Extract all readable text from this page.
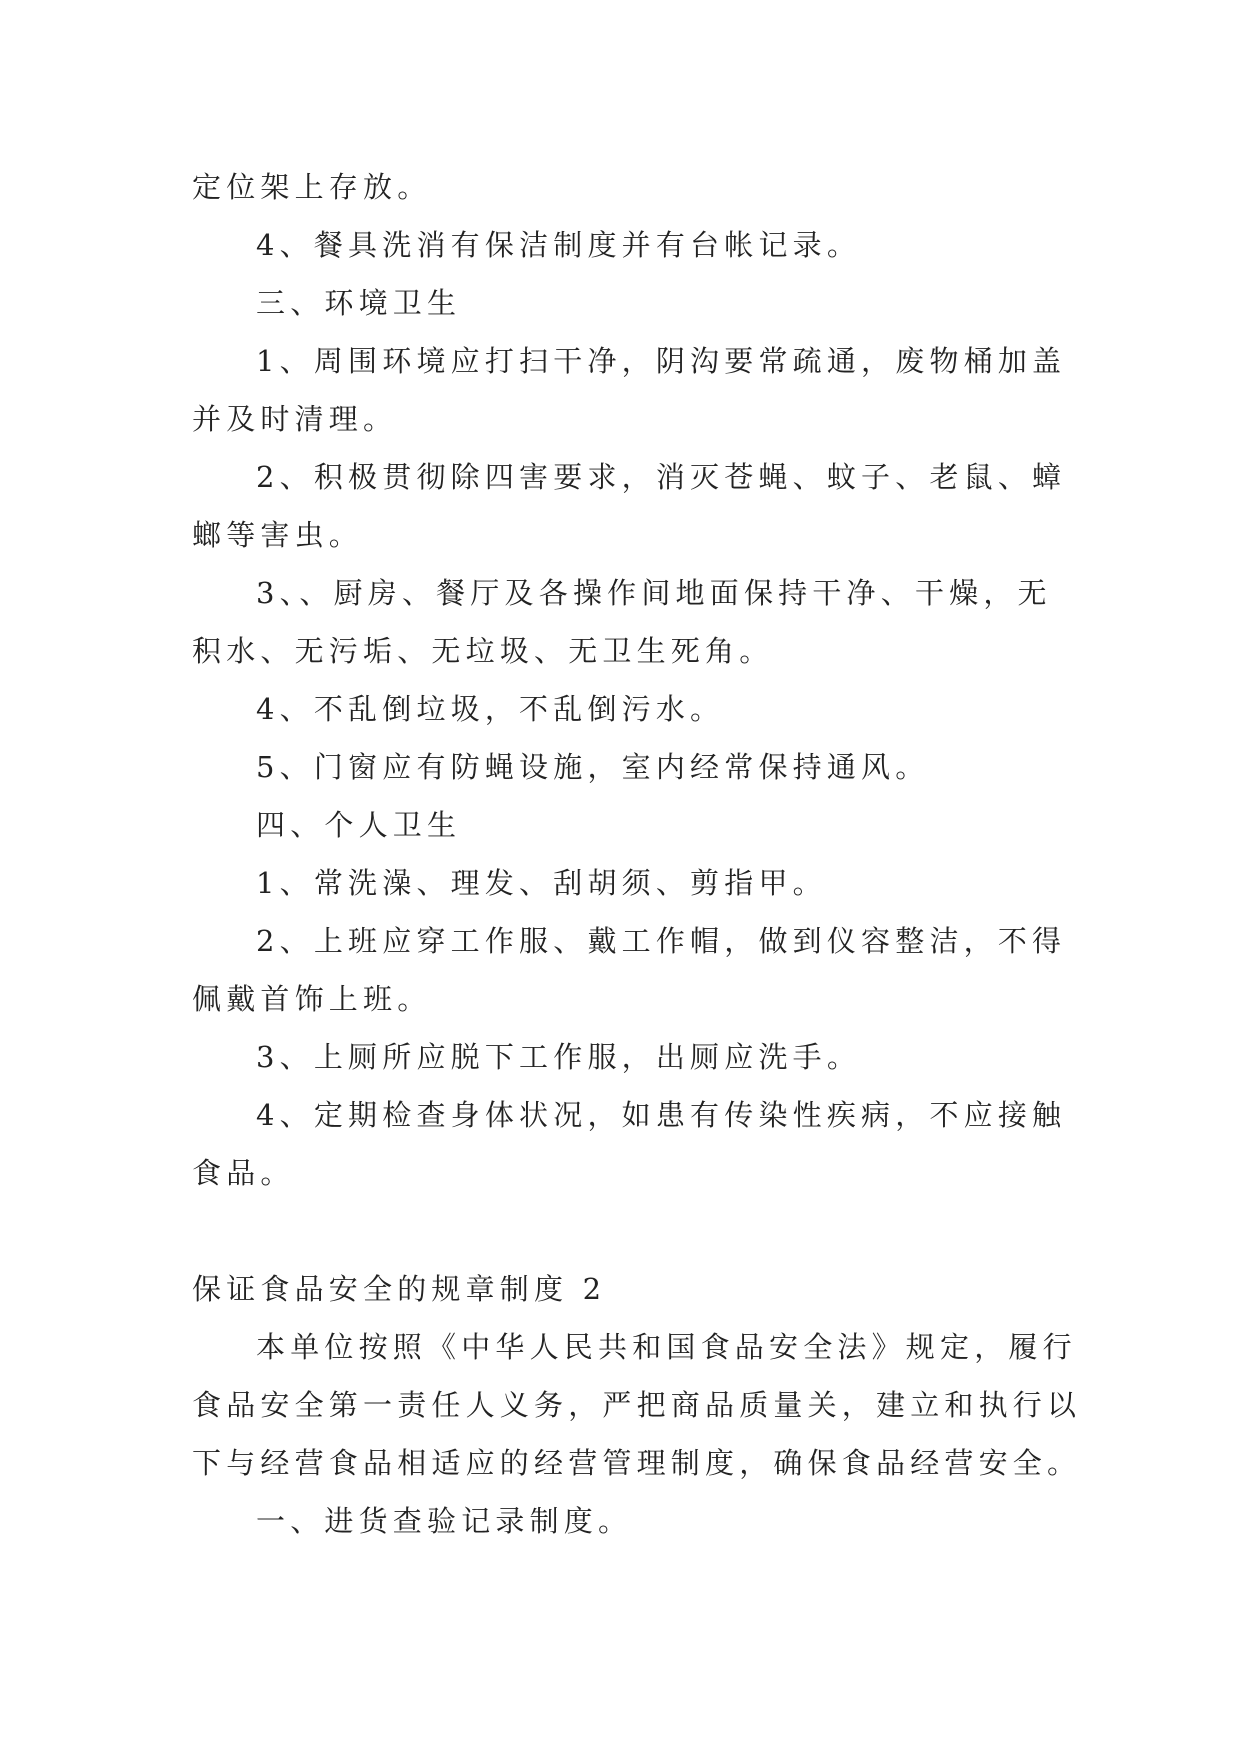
定位架上存放。

4、餐具洗消有保洁制度并有台帐记录。

三、环境卫生

1、周围环境应打扫干净，阴沟要常疏通，废物桶加盖并及时清理。

2、积极贯彻除四害要求，消灭苍蝇、蚊子、老鼠、蟑螂等害虫。

3、、厨房、餐厅及各操作间地面保持干净、干燥，无积水、无污垢、无垃圾、无卫生死角。

4、不乱倒垃圾，不乱倒污水。

5、门窗应有防蝇设施，室内经常保持通风。

四、个人卫生

1、常洗澡、理发、刮胡须、剪指甲。

2、上班应穿工作服、戴工作帽，做到仪容整洁，不得佩戴首饰上班。

3、上厕所应脱下工作服，出厕应洗手。

4、定期检查身体状况，如患有传染性疾病，不应接触食品。

保证食品安全的规章制度 2

本单位按照《中华人民共和国食品安全法》规定，履行食品安全第一责任人义务，严把商品质量关，建立和执行以下与经营食品相适应的经营管理制度，确保食品经营安全。

一、进货查验记录制度。
